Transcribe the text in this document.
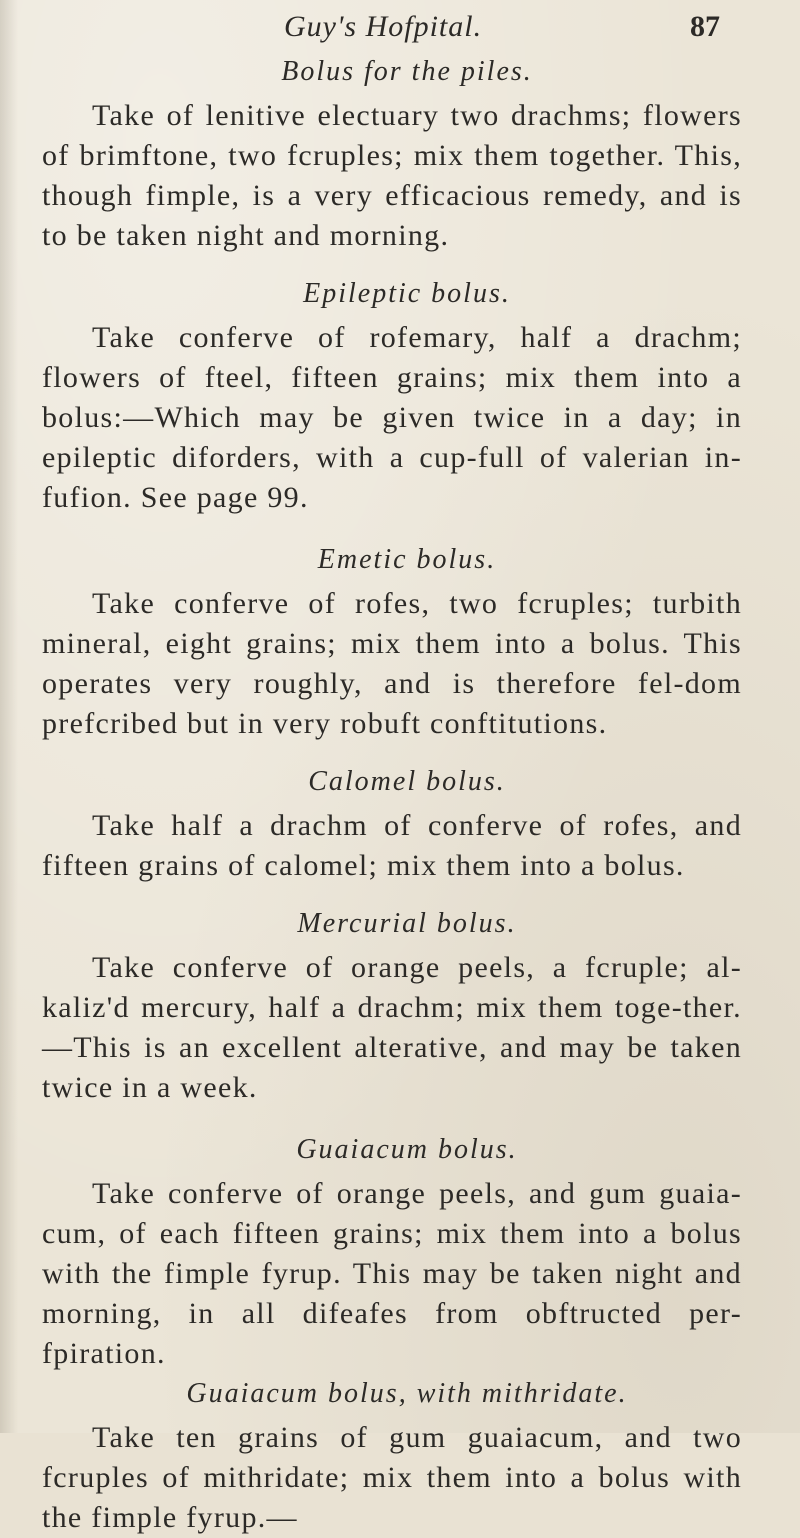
Guy's Hofpital.	87

Bolus for the piles.

Take of lenitive electuary two drachms; flowers of brimftone, two fcruples; mix them together. This, though fimple, is a very efficacious remedy, and is to be taken night and morning.

Epileptic bolus.

Take conferve of rofemary, half a drachm; flowers of fteel, fifteen grains; mix them into a bolus:—Which may be given twice in a day; in epileptic diforders, with a cup-full of valerian in-fufion. See page 99.

Emetic bolus.

Take conferve of rofes, two fcruples; turbith mineral, eight grains; mix them into a bolus. This operates very roughly, and is therefore fel-dom prefcribed but in very robuft conftitutions.

Calomel bolus.

Take half a drachm of conferve of rofes, and fifteen grains of calomel; mix them into a bolus.

Mercurial bolus.

Take conferve of orange peels, a fcruple; al-kaliz'd mercury, half a drachm; mix them toge-ther.—This is an excellent alterative, and may be taken twice in a week.

Guaiacum bolus.

Take conferve of orange peels, and gum guaia-cum, of each fifteen grains; mix them into a bolus with the fimple fyrup. This may be taken night and morning, in all difeafes from obftructed per-fpiration.

Guaiacum bolus, with mithridate.

Take ten grains of gum guaiacum, and two fcruples of mithridate; mix them into a bolus with the fimple fyrup.—
